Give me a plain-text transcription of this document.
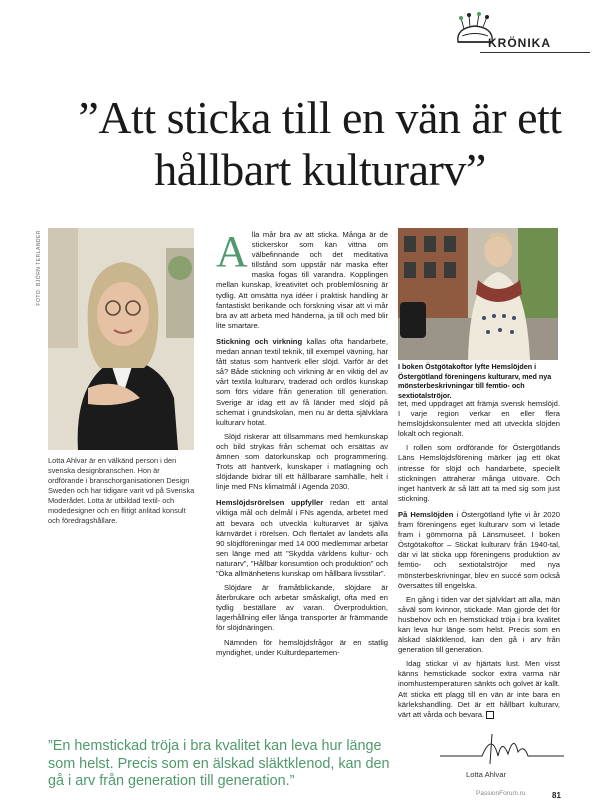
KRÖNIKA
”Att sticka till en vän är ett hållbart kulturarv”
FOTO: BJÖRN TERLANDER
Lotta Ahlvar är en välkänd person i den svenska designbranschen. Hon är ordförande i branschorganisationen Design Sweden och har tidigare varit vd på Svenska Moderådet. Lotta är utbildad textil- och modedesigner och en flitigt anlitad konsult och föredragshållare.
I boken Östgötakoftor lyfte Hemslöjden i Östergötland föreningens kulturarv, med nya mönsterbeskrivningar till femtio- och sextiotalströjor.

Alla mår bra av att sticka. Många är de stickerskor som kan vittna om välbefinnande och det meditativa tillstånd som uppstår när maska efter maska fogas till varandra. Kopplingen mellan kunskap, kreativitet och problemlösning är tydlig. Att omsätta nya idéer i praktisk handling är fantastiskt berikande och forskning visar att vi mår bra av att arbeta med händerna, ja till och med blir lite smartare.

Stickning och virkning kallas ofta handarbete, medan annan textil teknik, till exempel vävning, har fått status som hantverk eller slöjd. Varför är det så? Både stickning och virkning är en viktig del av vårt textila kulturarv, traderad och ordlös kunskap som förs vidare från generation till generation. Sverige är idag ett av få länder med slöjd på schemat i grundskolan, men nu är detta självklara kulturarv hotat.

Slöjd riskerar att tillsammans med hemkunskap och bild strykas från schemat och ersättas av ämnen som datorkunskap och programmering. Trots att hantverk, kunskaper i matlagning och slöjdande bidrar till ett hållbarare samhälle, helt i linje med FNs klimatmål i Agenda 2030.

Hemslöjdsrörelsen uppfyller redan ett antal viktiga mål och delmål i FNs agenda, arbetet med att bevara och utveckla kulturarvet är själva kärnvärdet i rörelsen. Och flertalet av landets alla 90 slöjdföreningar med 14 000 medlemmar arbetar sen länge med att ”Skydda världens kultur- och naturarv”, ”Hållbar konsumtion och produktion” och ”Öka allmänhetens kunskap om hållbara livsstilar”.

Slöjdare är framåtblickande, slöjdare är återbrukare och arbetar småskaligt, ofta med en tydlig beställare av varan. Överproduktion, lagerhållning eller långa transporter är främmande för slöjdnäringen.

Nämnden för hemslöjdsfrågor är en statlig myndighet, under Kulturdepartemen-

tet, med uppdraget att främja svensk hemslöjd. I varje region verkar en eller flera hemslöjdskonsulenter med att utveckla slöjden lokalt och regionalt.

I rollen som ordförande för Östergötlands Läns Hemslöjdsförening märker jag ett ökat intresse för slöjd och handarbete, speciellt stickningen attraherar många utövare. Och inget hantverk är så lätt att ta med sig som just stickning.

På Hemslöjden i Östergötland lyfte vi år 2020 fram föreningens eget kulturarv som vi letade fram i gömmorna på Länsmuseet. I boken Östgötakoftor – Stickat kulturarv från 1940-tal, där vi lät sticka upp föreningens produktion av femtio- och sextiotalströjor med nya mönsterbeskrivningar, blev en succé som också översattes till engelska.

En gång i tiden var det självklart att alla, män såväl som kvinnor, stickade. Man gjorde det för husbehov och en hemstickad tröja i bra kvalitet kan leva hur länge som helst. Precis som en älskad släktklenod, kan den gå i arv från generation till generation.

Idag stickar vi av hjärtats lust. Men visst känns hemstickade sockor extra varma när inomhustemperaturen sänkts och golvet är kallt. Att sticka ett plagg till en vän är inte bara en kärlekshandling. Det är ett hållbart kulturarv, värt att vårda och bevara.

”En hemstickad tröja i bra kvalitet kan leva hur länge som helst. Precis som en älskad släktklenod, kan den gå i arv från generation till generation.”	Lotta Ahlvar
81
PassionForum.ru
